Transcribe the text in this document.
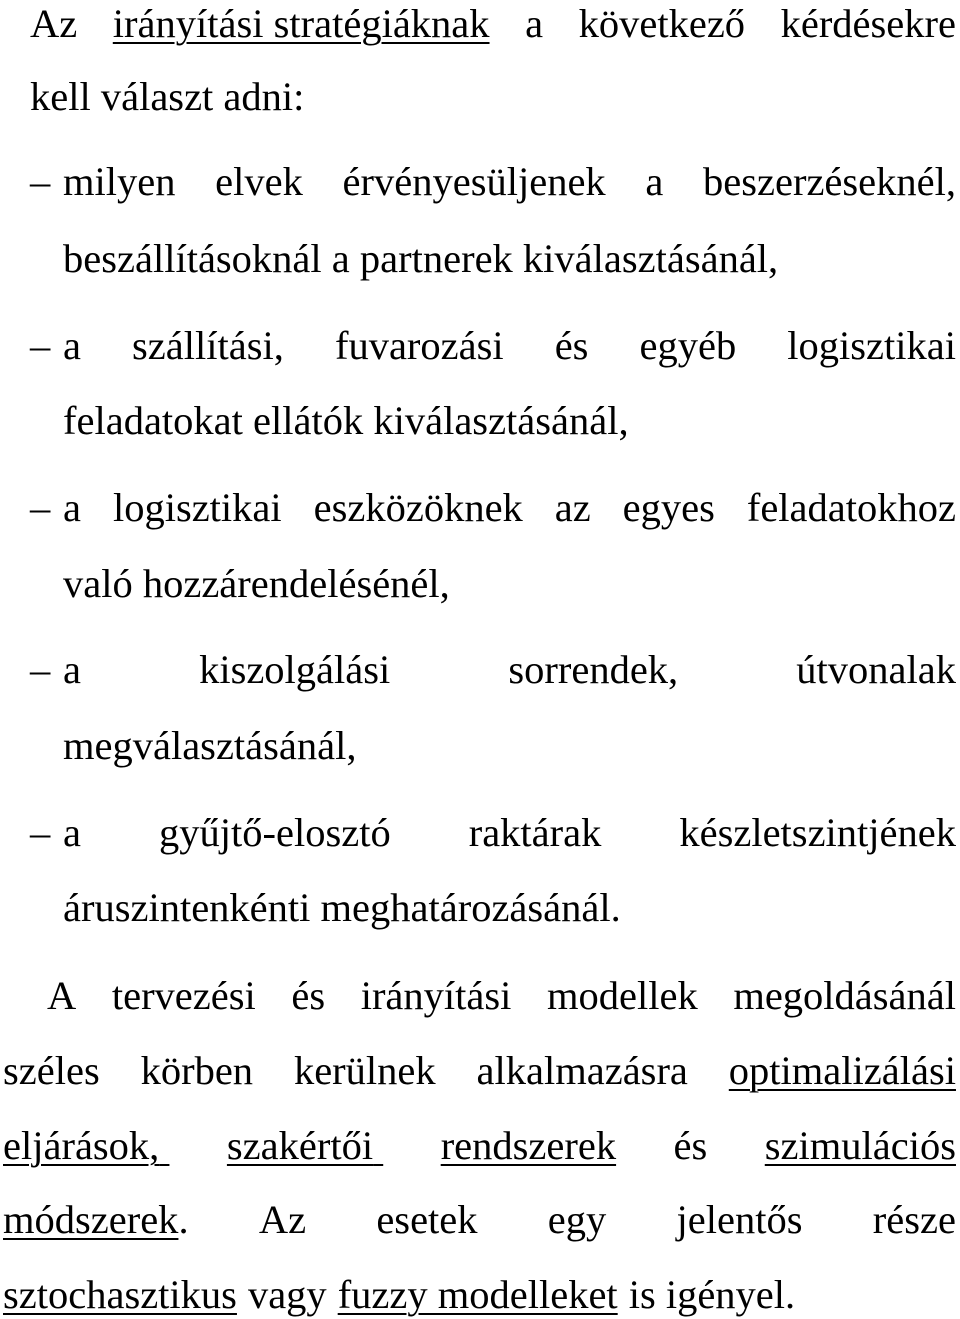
Az irányítási stratégiáknak a következő kérdésekre
kell választ adni:
– milyen elvek érvényesüljenek a beszerzéseknél,
beszállításoknál a partnerek kiválasztásánál,
– a szállítási, fuvarozási és egyéb logisztikai
feladatokat ellátók kiválasztásánál,
– a logisztikai eszközöknek az egyes feladatokhoz
való hozzárendelésénél,
– a	kiszolgálási	sorrendek,	útvonalak
megválasztásánál,
– a gyűjtő-elosztó raktárak készletszintjének
áruszintenkénti meghatározásánál.
A tervezési és irányítási modellek megoldásánál
széles körben kerülnek alkalmazásra optimalizálási
eljárások,
szakértői
rendszerek és szimulációs
módszerek . Az esetek egy jelentős része
sztochasztikus vagy fuzzy modelleket is igényel.
